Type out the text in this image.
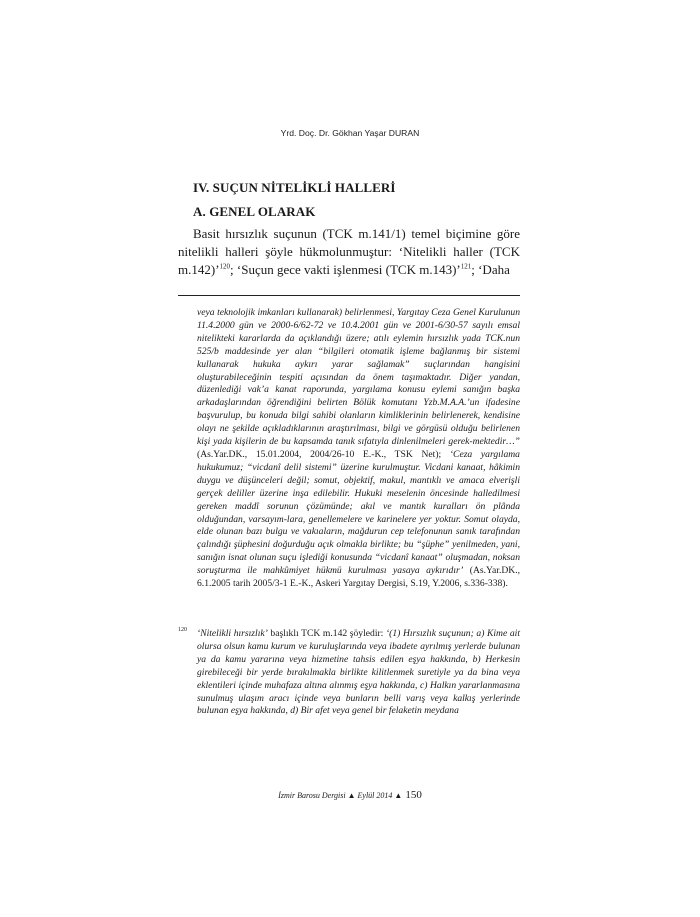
Yrd. Doç. Dr. Gökhan Yaşar DURAN
IV. SUÇUN NİTELİKLİ HALLERİ
A. GENEL OLARAK

Basit hırsızlık suçunun (TCK m.141/1) temel biçimine göre nitelikli halleri şöyle hükmolunmuştur: ‘Nitelikli haller (TCK m.142)’$^{120}$; ‘Suçun gece vakti işlenmesi (TCK m.143)’$^{121}$; ‘Daha

veya teknolojik imkanları kullanarak) belirlenmesi, Yargıtay Ceza Genel Kurulunun 11.4.2000 gün ve 2000-6/62-72 ve 10.4.2001 gün ve 2001-6/30-57 sayılı emsal nitelikteki kararlarda da açıklandığı üzere; atılı eylemin hırsızlık yada TCK.nun 525/b maddesinde yer alan “bilgileri otomatik işleme bağlanmış bir sistemi kullanarak hukuka aykırı yarar sağlamak” suçlarından hangisini oluşturabileceğinin tespiti açısından da önem taşımaktadır. Diğer yandan, düzenlediği vak’a kanat raporunda, yargılama konusu eylemi sanığın başka arkadaşlarından öğrendiğini belirten Bölük komutanı Yzb.M.A.A.’un ifadesine başvurulup, bu konuda bilgi sahibi olanların kimliklerinin belirlenerek, kendisine olayı ne şekilde açıkladıklarının araştırılması, bilgi ve görgüsü olduğu belirlenen kişi yada kişilerin de bu kapsamda tanık sıfatıyla dinlenilmeleri gerek-mektedir…” (As.Yar.DK., 15.01.2004, 2004/26-10 E.-K., TSK Net); ‘Ceza yargılama hukukumuz; “vicdanî delil sistemi” üzerine kurulmuştur. Vicdani kanaat, hâkimin duygu ve düşünceleri değil; somut, objektif, makul, mantıklı ve amaca elverişli gerçek deliller üzerine inşa edilebilir. Hukuki meselenin öncesinde halledilmesi gereken maddî sorunun çözümünde; akıl ve mantık kuralları ön plânda olduğundan, varsayım-lara, genellemelere ve karinelere yer yoktur. Somut olayda, elde olunan bazı bulgu ve vakıaların, mağdurun cep telefonunun sanık tarafından çalındığı şüphesini doğurduğu açık olmakla birlikte; bu “şüphe” yenilmeden, yani, sanığın isnat olunan suçu işlediği konusunda “vicdanî kanaat” oluşmadan, noksan soruşturma ile mahkûmiyet hükmü kurulması yasaya aykırıdır’ (As.Yar.DK., 6.1.2005 tarih 2005/3-1 E.-K., Askeri Yargıtay Dergisi, S.19, Y.2006, s.336-338).

120 ‘Nitelikli hırsızlık’ başlıklı TCK m.142 şöyledir: ‘(1) Hırsızlık suçunun; a) Kime ait olursa olsun kamu kurum ve kuruluşlarında veya ibadete ayrılmış yerlerde bulunan ya da kamu yararına veya hizmetine tahsis edilen eşya hakkında, b) Herkesin girebileceği bir yerde bırakılmakla birlikte kilitlenmek suretiyle ya da bina veya eklentileri içinde muhafaza altına alınmış eşya hakkında, c) Halkın yararlanmasına sunulmuş ulaşım aracı içinde veya bunların belli varış veya kalkış yerlerinde bulunan eşya hakkında, d) Bir afet veya genel bir felaketin meydana

İzmir Barosu Dergisi ▲ Eylül 2014 ▲ 150
